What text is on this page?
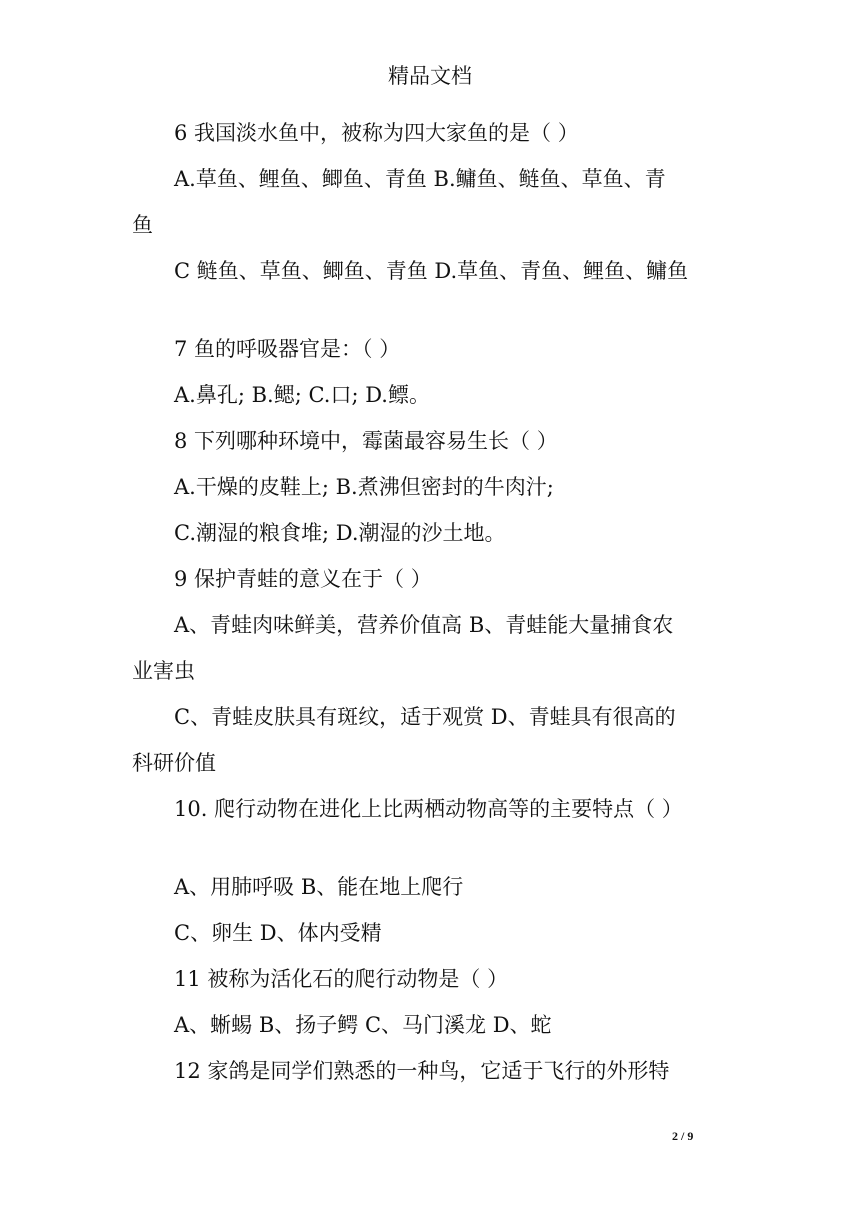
精品文档
6 我国淡水鱼中，被称为四大家鱼的是（ ）
A.草鱼、鲤鱼、鲫鱼、青鱼 B.鳙鱼、鲢鱼、草鱼、青
鱼
C 鲢鱼、草鱼、鲫鱼、青鱼 D.草鱼、青鱼、鲤鱼、鳙鱼
7 鱼的呼吸器官是：（ ）
A.鼻孔; B.鳃; C.口; D.鳔。
8 下列哪种环境中，霉菌最容易生长（ ）
A.干燥的皮鞋上; B.煮沸但密封的牛肉汁;
C.潮湿的粮食堆; D.潮湿的沙土地。
9 保护青蛙的意义在于（ ）
A、青蛙肉味鲜美，营养价值高 B、青蛙能大量捕食农
业害虫
C、青蛙皮肤具有斑纹，适于观赏 D、青蛙具有很高的
科研价值
10. 爬行动物在进化上比两栖动物高等的主要特点（ ）
A、用肺呼吸 B、能在地上爬行
C、卵生 D、体内受精
11 被称为活化石的爬行动物是（ ）
A、蜥蜴 B、扬子鳄 C、马门溪龙 D、蛇
12 家鸽是同学们熟悉的一种鸟，它适于飞行的外形特
2 / 9
